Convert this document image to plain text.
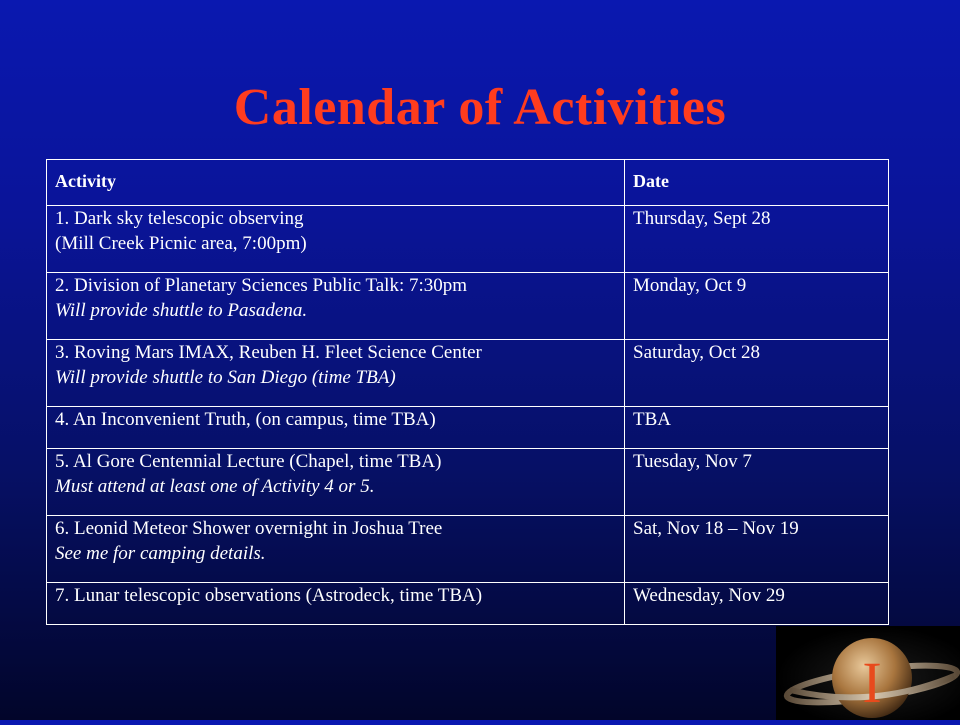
Calendar of Activities
Activity	Date
1. Dark sky telescopic observing
(Mill Creek Picnic area, 7:00pm)	Thursday, Sept 28
2. Division of Planetary Sciences Public Talk: 7:30pm
Will provide shuttle to Pasadena.	Monday, Oct 9
3. Roving Mars IMAX, Reuben H. Fleet Science Center
Will provide shuttle to San Diego (time TBA)	Saturday, Oct 28
4. An Inconvenient Truth, (on campus, time TBA)	TBA
5. Al Gore Centennial Lecture (Chapel, time TBA)
Must attend at least one of Activity 4 or 5.	Tuesday, Nov 7
6. Leonid Meteor Shower overnight in Joshua Tree
See me for camping details.	Sat, Nov 18 – Nov 19
7. Lunar telescopic observations (Astrodeck, time TBA)	Wednesday, Nov 29
I
